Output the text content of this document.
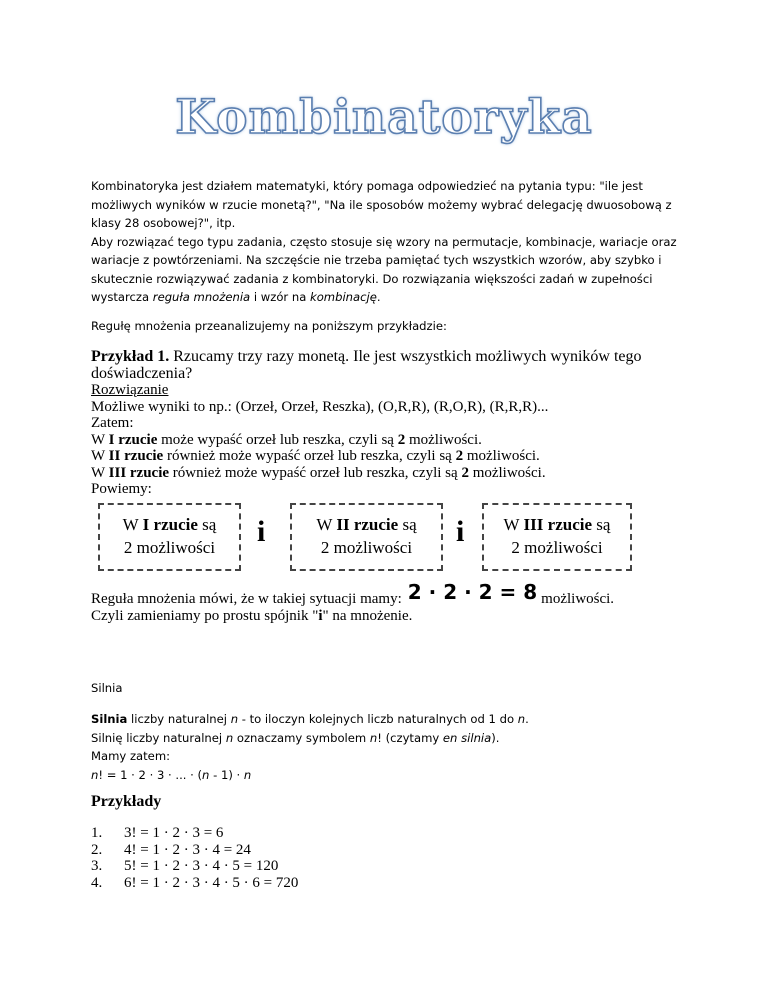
Kombinatoryka

Kombinatoryka jest działem matematyki, który pomaga odpowiedzieć na pytania typu: "ile jest możliwych wyników w rzucie monetą?", "Na ile sposobów możemy wybrać delegację dwuosobową z klasy 28 osobowej?", itp.

Aby rozwiązać tego typu zadania, często stosuje się wzory na permutacje, kombinacje, wariacje oraz wariacje z powtórzeniami. Na szczęście nie trzeba pamiętać tych wszystkich wzorów, aby szybko i skutecznie rozwiązywać zadania z kombinatoryki. Do rozwiązania większości zadań w zupełności wystarcza reguła mnożenia i wzór na kombinację.

Regułę mnożenia przeanalizujemy na poniższym przykładzie:

Przykład 1. Rzucamy trzy razy monetą. Ile jest wszystkich możliwych wyników tego doświadczenia?

Rozwiązanie

Możliwe wyniki to np.: (Orzeł, Orzeł, Reszka), (O,R,R), (R,O,R), (R,R,R)...

Zatem:

W I rzucie może wypaść orzeł lub reszka, czyli są 2 możliwości.

W II rzucie również może wypaść orzeł lub reszka, czyli są 2 możliwości.

W III rzucie również może wypaść orzeł lub reszka, czyli są 2 możliwości.

Powiemy:

W I rzucie są
2 możliwości	i	W II rzucie są
2 możliwości	i	W III rzucie są
2 możliwości

Reguła mnożenia mówi, że w takiej sytuacji mamy: 2 · 2 · 2 = 8 możliwości.

Czyli zamieniamy po prostu spójnik "i" na mnożenie.

Silnia

Silnia liczby naturalnej n - to iloczyn kolejnych liczb naturalnych od 1 do n.

Silnię liczby naturalnej n oznaczamy symbolem n! (czytamy en silnia).

Mamy zatem:

n! = 1 · 2 · 3 · ... · (n - 1) · n

Przykłady

1. 3! = 1 · 2 · 3 = 6
2. 4! = 1 · 2 · 3 · 4 = 24
3. 5! = 1 · 2 · 3 · 4 · 5 = 120
4. 6! = 1 · 2 · 3 · 4 · 5 · 6 = 720
